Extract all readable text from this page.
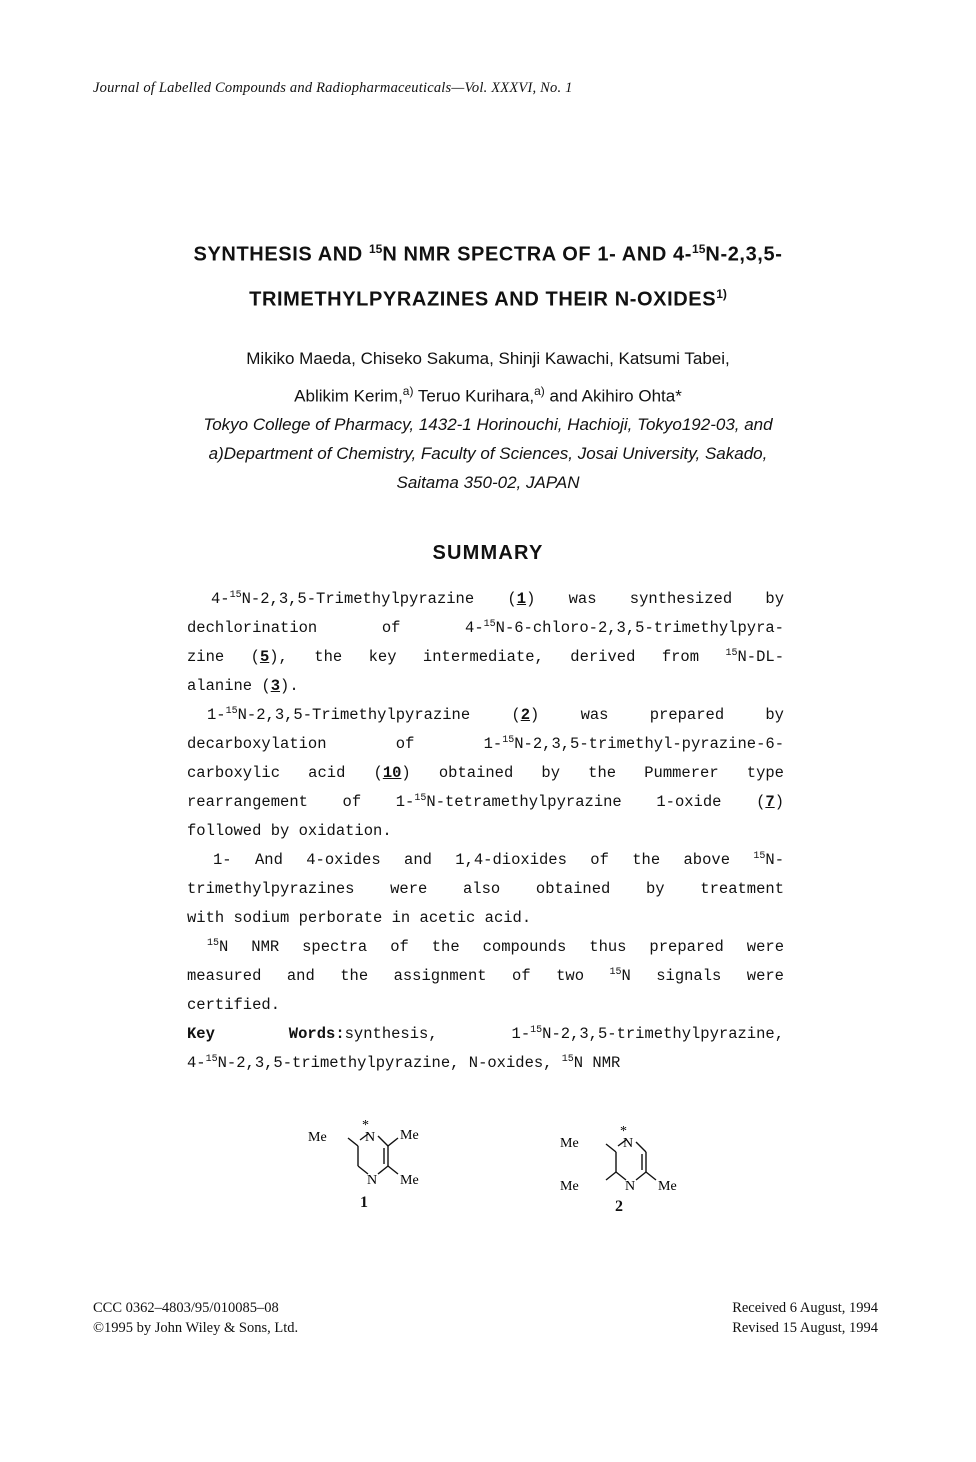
Journal of Labelled Compounds and Radiopharmaceuticals—Vol. XXXVI, No. 1
SYNTHESIS AND $^{15}$N NMR SPECTRA OF 1- AND 4-$^{15}$N-2,3,5-
TRIMETHYLPYRAZINES AND THEIR N-OXIDES$^{1)}$
Mikiko Maeda, Chiseko Sakuma, Shinji Kawachi, Katsumi Tabei,
Ablikim Kerim,$^{a)}$ Teruo Kurihara,$^{a)}$ and Akihiro Ohta*
Tokyo College of Pharmacy, 1432-1 Horinouchi, Hachioji, Tokyo192-03, and
a)Department of Chemistry, Faculty of Sciences, Josai University, Sakado,
Saitama 350-02, JAPAN
SUMMARY
4-$^{15}$N-2,3,5-Trimethylpyrazine (1) was synthesized by
dechlorination of 4-$^{15}$N-6-chloro-2,3,5-trimethylpyra-
zine (5), the key intermediate, derived from $^{15}$N-DL-
alanine (3).
1-$^{15}$N-2,3,5-Trimethylpyrazine (2) was prepared by
decarboxylation of 1-$^{15}$N-2,3,5-trimethyl-pyrazine-6-
carboxylic acid (10) obtained by the Pummerer type
rearrangement of 1-$^{15}$N-tetramethylpyrazine 1-oxide (7)
followed by oxidation.
1- And 4-oxides and 1,4-dioxides of the above $^{15}$N-
trimethylpyrazines were also obtained by treatment
with sodium perborate in acetic acid.
$^{15}$N NMR spectra of the compounds thus prepared were
measured and the assignment of two $^{15}$N signals were
certified.
Key Words:synthesis, 1-$^{15}$N-2,3,5-trimethylpyrazine,
4-$^{15}$N-2,3,5-trimethylpyrazine, N-oxides, $^{15}$N NMR
Me	N
*
Me
N Me
1
Me	N
*
Me	N Me
2
CCC 0362–4803/95/010085–08
©1995 by John Wiley & Sons, Ltd.
Received 6 August, 1994
Revised 15 August, 1994
